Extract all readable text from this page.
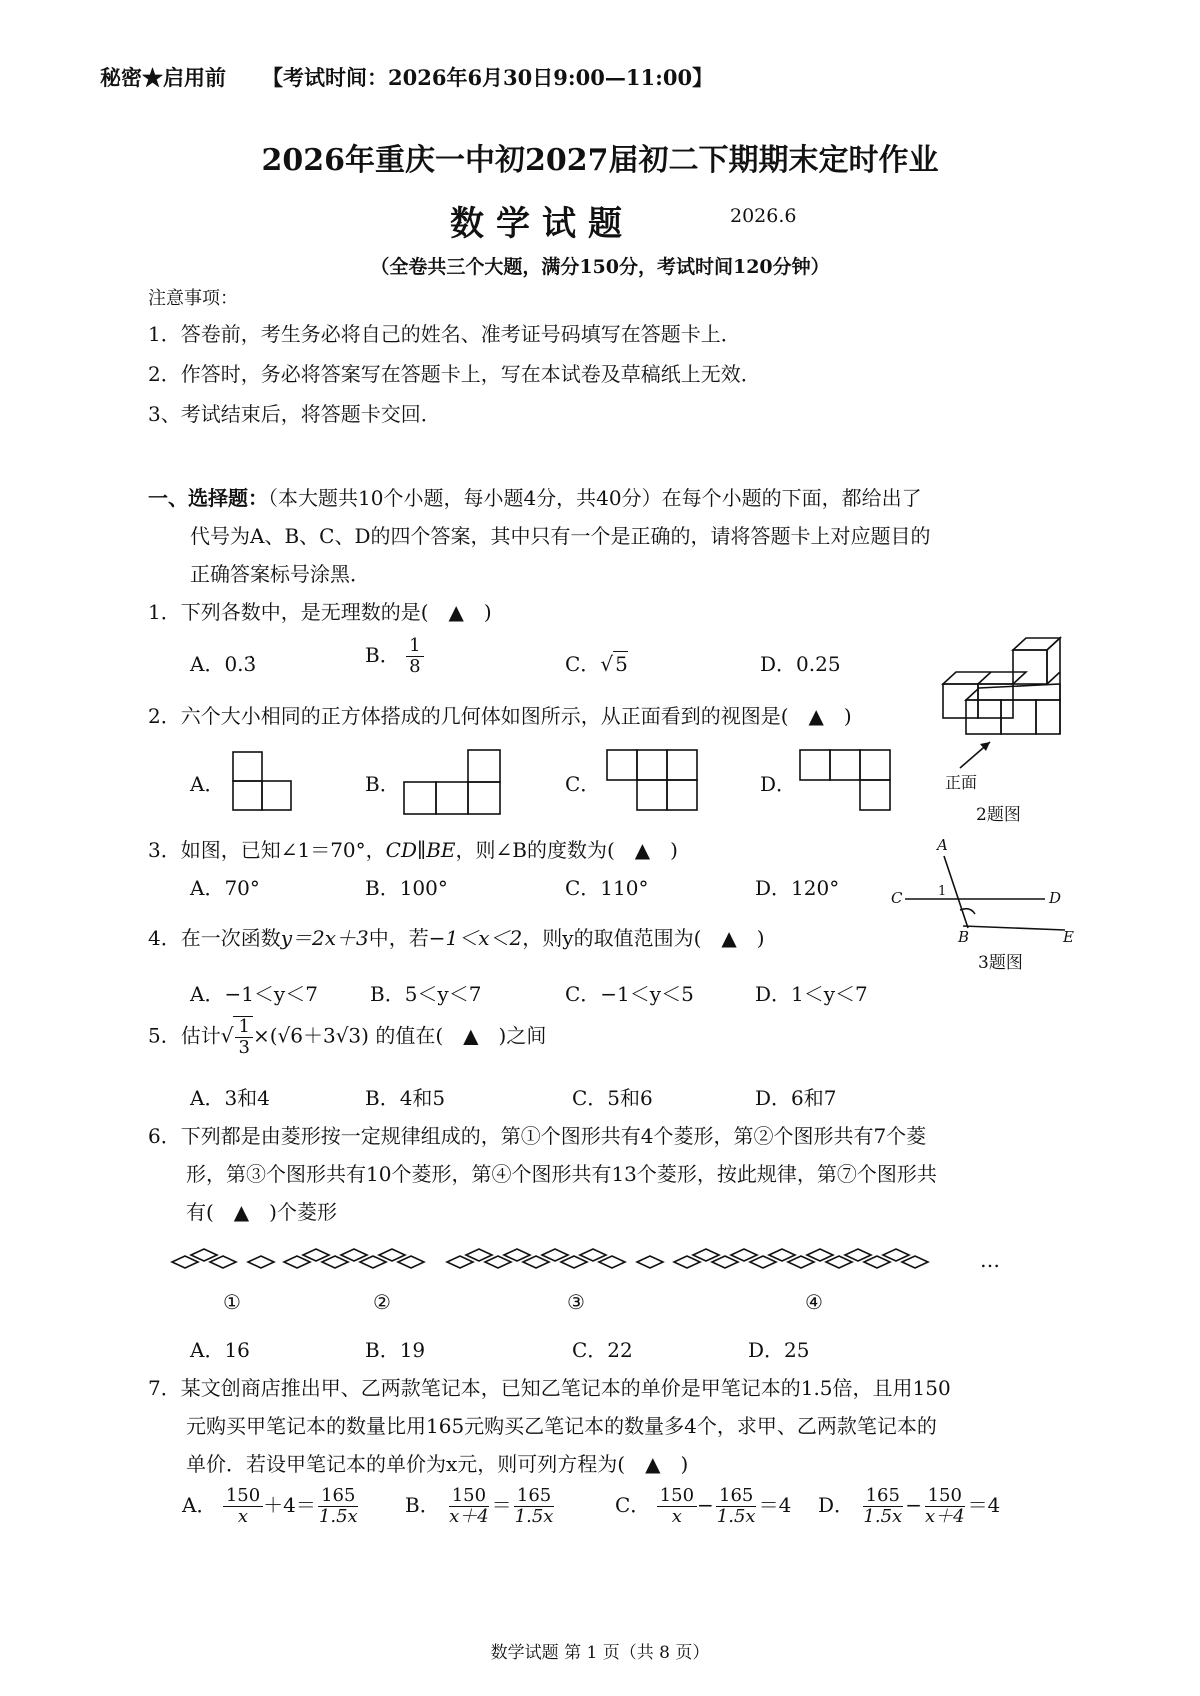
秘密★启用前 【考试时间：2026年6月30日9:00—11:00】
2026年重庆一中初2027届初二下期期末定时作业
数学试题	2026.6
（全卷共三个大题，满分150分，考试时间120分钟）
注意事项：
1．答卷前，考生务必将自己的姓名、准考证号码填写在答题卡上．
2．作答时，务必将答案写在答题卡上，写在本试卷及草稿纸上无效．
3、考试结束后，将答题卡交回．
一、选择题：（本大题共10个小题，每小题4分，共40分）在每个小题的下面，都给出了
代号为A、B、C、D的四个答案，其中只有一个是正确的，请将答题卡上对应题目的
正确答案标号涂黑．
1．下列各数中，是无理数的是(　▲　)
A．0.3̇	B． $\frac{1}{8}$	C．√ 5	D．0.25
2．六个大小相同的正方体搭成的几何体如图所示，从正面看到的视图是(　▲　)
A．	B．	C．	D．	正面
2题图
A
C	1	D
B	E
3题图
3．如图，已知∠1＝70°，CD∥BE，则∠B的度数为(　▲　)
A．70°	B．100°	C．110°	D．120°
4．在一次函数y＝2x＋3中，若−1＜x＜2，则y的取值范围为(　▲　)
A．−1＜y＜7	B．5＜y＜7	C．−1＜y＜5	D．1＜y＜7
5．估计√ $\frac{1}{3} \times(√6+3√3)$ 的值在(　▲　)之间
A．3和4	B．4和5	C．5和6	D．6和7
6．下列都是由菱形按一定规律组成的，第①个图形共有4个菱形，第②个图形共有7个菱
形，第③个图形共有10个菱形，第④个图形共有13个菱形，按此规律，第⑦个图形共
有(　▲　)个菱形
…
①	②	③	④
A．16	B．19	C．22	D．25
7．某文创商店推出甲、乙两款笔记本，已知乙笔记本的单价是甲笔记本的1.5倍，且用150
元购买甲笔记本的数量比用165元购买乙笔记本的数量多4个，求甲、乙两款笔记本的
单价．若设甲笔记本的单价为x元，则可列方程为(　▲　)
A． $\frac{150}{x} +4= \frac{165}{1.5x}$ B． $\frac{150}{x+4} = \frac{165}{1.5x}$	C． $\frac{150}{x} - \frac{165}{1.5x} =4$ D． $\frac{165}{1.5x} - \frac{150}{x+4} =4$
数学试题 第 1 页（共 8 页）
